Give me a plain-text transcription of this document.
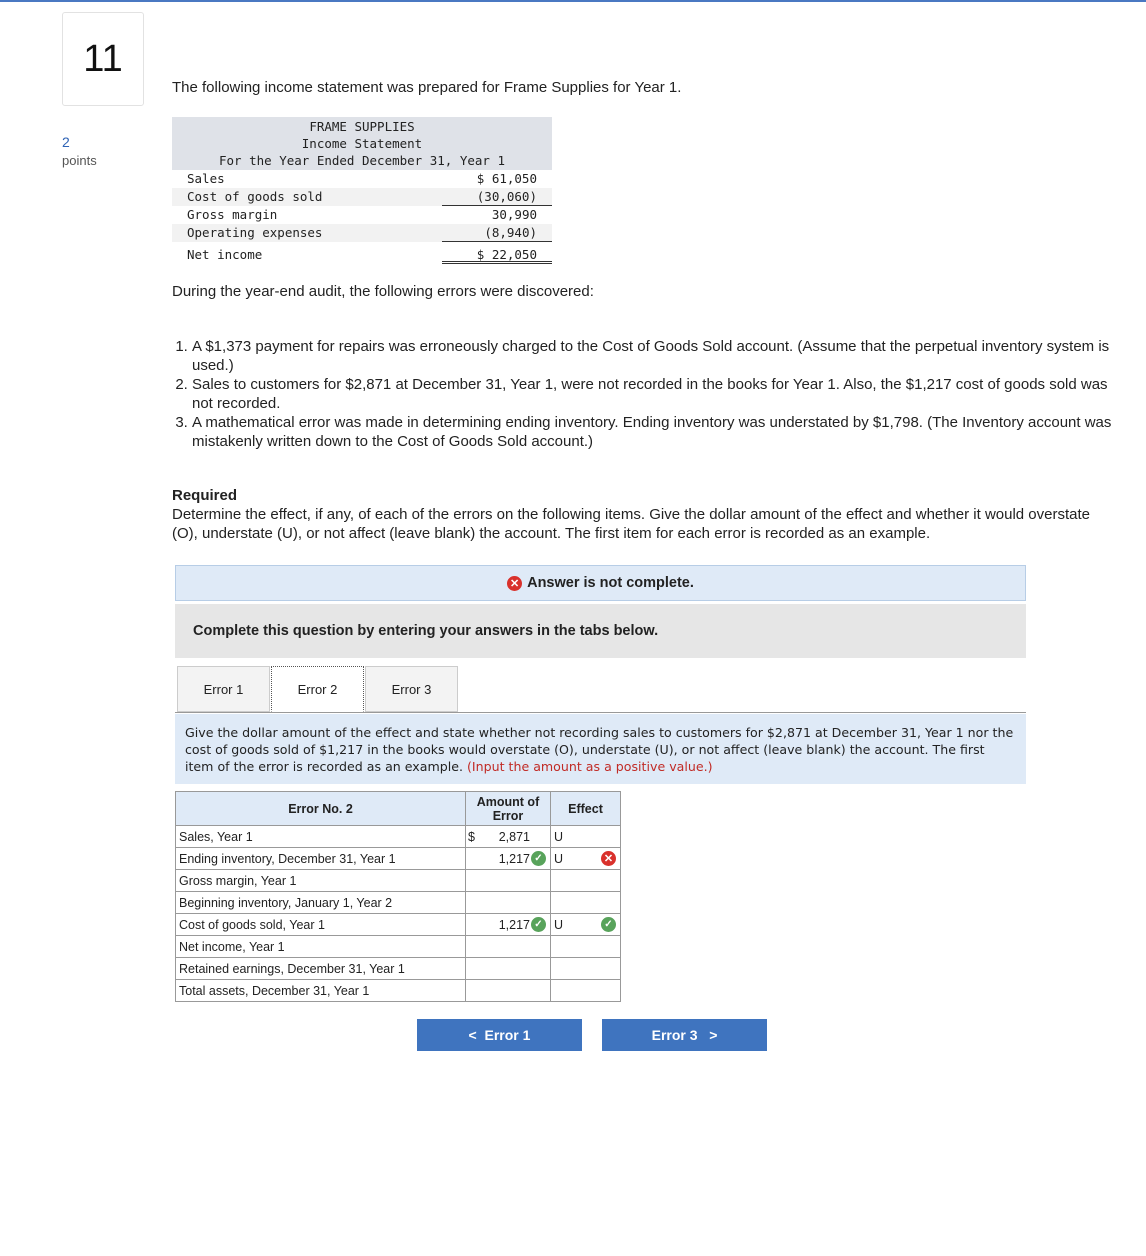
11
2
points
The following income statement was prepared for Frame Supplies for Year 1.
FRAME SUPPLIES
Income Statement
For the Year Ended December 31, Year 1
Sales	$ 61,050
Cost of goods sold	(30,060)
Gross margin	30,990
Operating expenses	(8,940)
Net income	$ 22,050
During the year-end audit, the following errors were discovered:
1. A $1,373 payment for repairs was erroneously charged to the Cost of Goods Sold account. (Assume that the perpetual inventory system is used.)
2. Sales to customers for $2,871 at December 31, Year 1, were not recorded in the books for Year 1. Also, the $1,217 cost of goods sold was not recorded.
3. A mathematical error was made in determining ending inventory. Ending inventory was understated by $1,798. (The Inventory account was mistakenly written down to the Cost of Goods Sold account.)
Required
Determine the effect, if any, of each of the errors on the following items. Give the dollar amount of the effect and whether it would overstate (O), understate (U), or not affect (leave blank) the account. The first item for each error is recorded as an example.
✕ Answer is not complete.
Complete this question by entering your answers in the tabs below.
Error 1	Error 2	Error 3
Give the dollar amount of the effect and state whether not recording sales to customers for $2,871 at December 31, Year 1 nor the cost of goods sold of $1,217 in the books would overstate (O), understate (U), or not affect (leave blank) the account. The first item of the error is recorded as an example. (Input the amount as a positive value.)
Error No. 2	Amount of Error	Effect
Sales, Year 1	$ 2,871	U
Ending inventory, December 31, Year 1	1,217 ✓	U ✕

Gross margin, Year 1		
Beginning inventory, January 1, Year 2		
Cost of goods sold, Year 1	1,217 ✓	U ✓

Net income, Year 1		
Retained earnings, December 31, Year 1		
Total assets, December 31, Year 1		
<
Error 1	Error 3
>
